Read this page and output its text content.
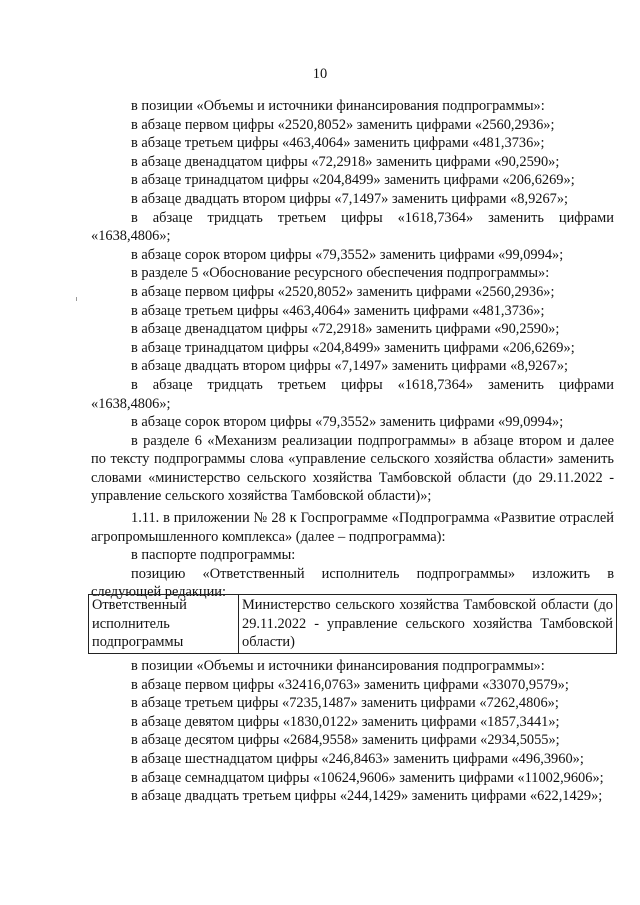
10

в позиции «Объемы и источники финансирования подпрограммы»:

в абзаце первом цифры «2520,8052» заменить цифрами «2560,2936»;

в абзаце третьем цифры «463,4064» заменить цифрами «481,3736»;

в абзаце двенадцатом цифры «72,2918» заменить цифрами «90,2590»;

в абзаце тринадцатом цифры «204,8499» заменить цифрами «206,6269»;

в абзаце двадцать втором цифры «7,1497» заменить цифрами «8,9267»;

в абзаце тридцать третьем цифры «1618,7364» заменить цифрами «1638,4806»;

в абзаце сорок втором цифры «79,3552» заменить цифрами «99,0994»;

в разделе 5 «Обоснование ресурсного обеспечения подпрограммы»:

в абзаце первом цифры «2520,8052» заменить цифрами «2560,2936»;

в абзаце третьем цифры «463,4064» заменить цифрами «481,3736»;

в абзаце двенадцатом цифры «72,2918» заменить цифрами «90,2590»;

в абзаце тринадцатом цифры «204,8499» заменить цифрами «206,6269»;

в абзаце двадцать втором цифры «7,1497» заменить цифрами «8,9267»;

в абзаце тридцать третьем цифры «1618,7364» заменить цифрами «1638,4806»;

в абзаце сорок втором цифры «79,3552» заменить цифрами «99,0994»;

в разделе 6 «Механизм реализации подпрограммы» в абзаце втором и далее по тексту подпрограммы слова «управление сельского хозяйства области» заменить словами «министерство сельского хозяйства Тамбовской области (до 29.11.2022 - управление сельского хозяйства Тамбовской области)»;

1.11. в приложении № 28 к Госпрограмме «Подпрограмма «Развитие отраслей агропромышленного комплекса» (далее – подпрограмма):

в паспорте подпрограммы:

позицию «Ответственный исполнитель подпрограммы» изложить в следующей редакции:

Ответственный исполнитель подпрограммы	Министерство сельского хозяйства Тамбовской области (до 29.11.2022 - управление сельского хозяйства Тамбовской области)

в позиции «Объемы и источники финансирования подпрограммы»:

в абзаце первом цифры «32416,0763» заменить цифрами «33070,9579»;

в абзаце третьем цифры «7235,1487» заменить цифрами «7262,4806»;

в абзаце девятом цифры «1830,0122» заменить цифрами «1857,3441»;

в абзаце десятом цифры «2684,9558» заменить цифрами «2934,5055»;

в абзаце шестнадцатом цифры «246,8463» заменить цифрами «496,3960»;

в абзаце семнадцатом цифры «10624,9606» заменить цифрами «11002,9606»;

в абзаце двадцать третьем цифры «244,1429» заменить цифрами «622,1429»;
